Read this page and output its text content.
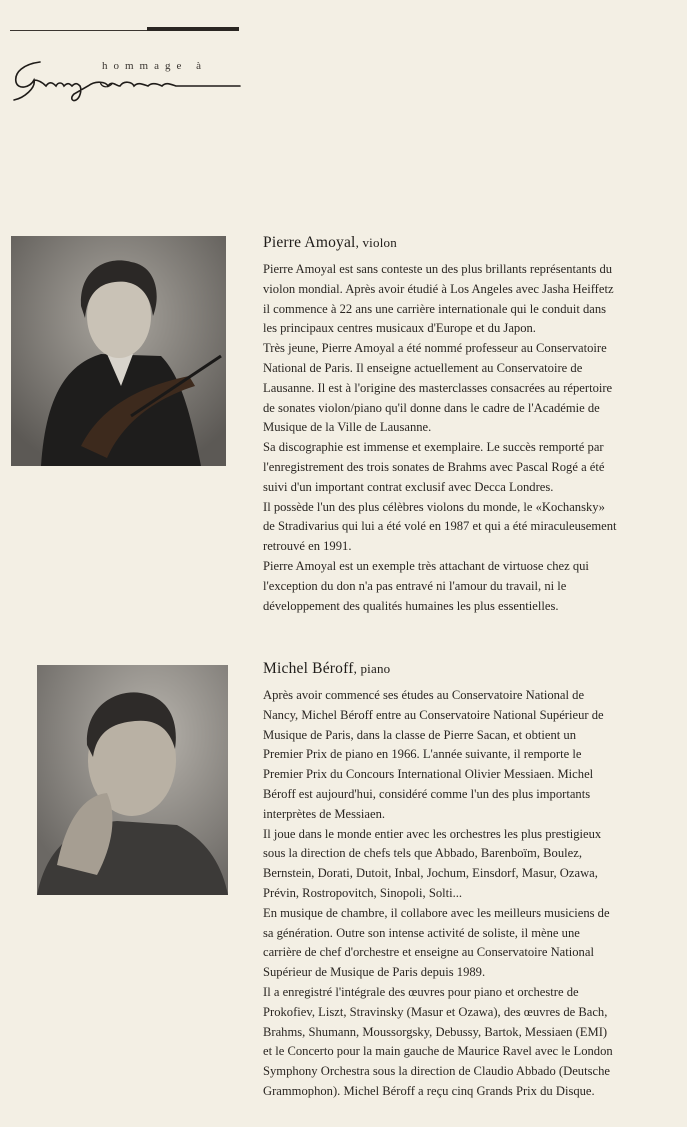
hommage à
Pierre Amoyal, violon
Pierre Amoyal est sans conteste un des plus brillants représentants du
violon mondial. Après avoir étudié à Los Angeles avec Jasha Heiffetz
il commence à 22 ans une carrière internationale qui le conduit dans
les principaux centres musicaux d'Europe et du Japon.
Très jeune, Pierre Amoyal a été nommé professeur au Conservatoire
National de Paris. Il enseigne actuellement au Conservatoire de
Lausanne. Il est à l'origine des masterclasses consacrées au répertoire
de sonates violon/piano qu'il donne dans le cadre de l'Académie de
Musique de la Ville de Lausanne.
Sa discographie est immense et exemplaire. Le succès remporté par
l'enregistrement des trois sonates de Brahms avec Pascal Rogé a été
suivi d'un important contrat exclusif avec Decca Londres.
Il possède l'un des plus célèbres violons du monde, le «Kochansky»
de Stradivarius qui lui a été volé en 1987 et qui a été miraculeusement
retrouvé en 1991.
Pierre Amoyal est un exemple très attachant de virtuose chez qui
l'exception du don n'a pas entravé ni l'amour du travail, ni le
développement des qualités humaines les plus essentielles.
Michel Béroff, piano
Après avoir commencé ses études au Conservatoire National de
Nancy, Michel Béroff entre au Conservatoire National Supérieur de
Musique de Paris, dans la classe de Pierre Sacan, et obtient un
Premier Prix de piano en 1966. L'année suivante, il remporte le
Premier Prix du Concours International Olivier Messiaen. Michel
Béroff est aujourd'hui, considéré comme l'un des plus importants
interprètes de Messiaen.
Il joue dans le monde entier avec les orchestres les plus prestigieux
sous la direction de chefs tels que Abbado, Barenboïm, Boulez,
Bernstein, Dorati, Dutoit, Inbal, Jochum, Einsdorf, Masur, Ozawa,
Prévin, Rostropovitch, Sinopoli, Solti...
En musique de chambre, il collabore avec les meilleurs musiciens de
sa génération. Outre son intense activité de soliste, il mène une
carrière de chef d'orchestre et enseigne au Conservatoire National
Supérieur de Musique de Paris depuis 1989.
Il a enregistré l'intégrale des œuvres pour piano et orchestre de
Prokofiev, Liszt, Stravinsky (Masur et Ozawa), des œuvres de Bach,
Brahms, Shumann, Moussorgsky, Debussy, Bartok, Messiaen (EMI)
et le Concerto pour la main gauche de Maurice Ravel avec le London
Symphony Orchestra sous la direction de Claudio Abbado (Deutsche
Grammophon). Michel Béroff a reçu cinq Grands Prix du Disque.
